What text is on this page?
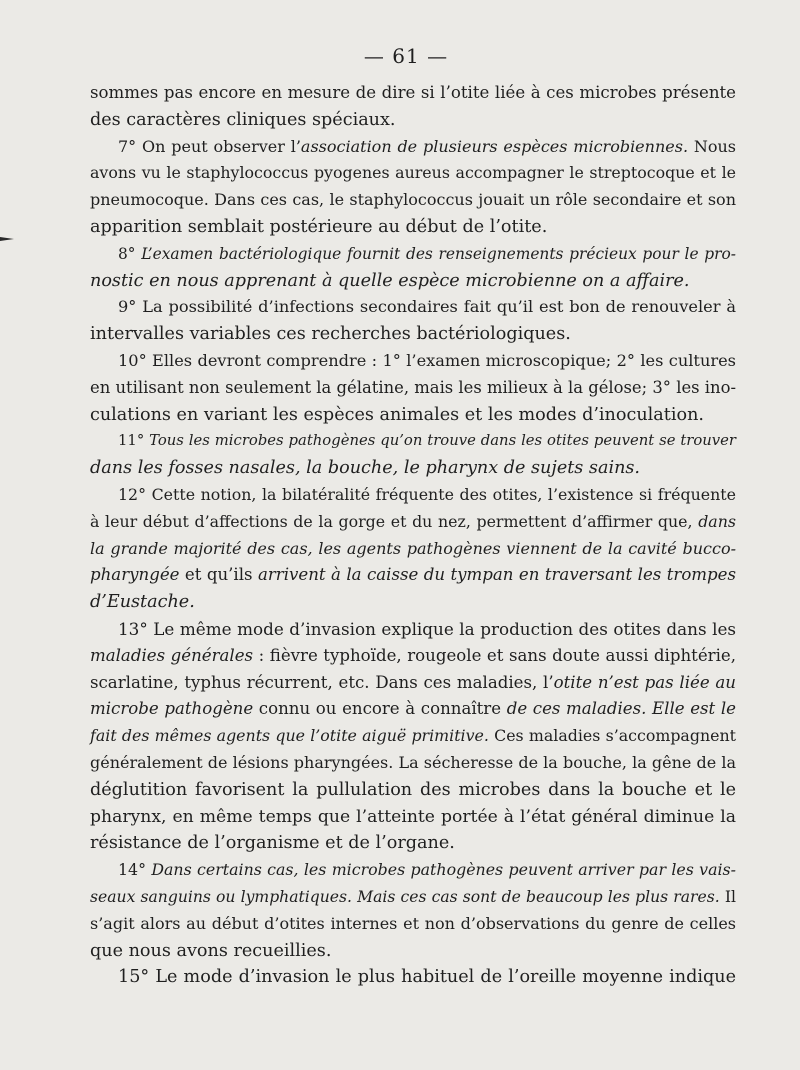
— 61 —
sommes pas encore en mesure de dire si l’otite liée à ces microbes présente
des caractères cliniques spéciaux.
7° On peut observer l’association de plusieurs espèces microbiennes. Nous
avons vu le staphylococcus pyogenes aureus accompagner le streptocoque et le
pneumocoque. Dans ces cas, le staphylococcus jouait un rôle secondaire et son
apparition semblait postérieure au début de l’otite.
8° L’examen bactériologique fournit des renseignements précieux pour le pro-
nostic en nous apprenant à quelle espèce microbienne on a affaire.
9° La possibilité d’infections secondaires fait qu’il est bon de renouveler à
intervalles variables ces recherches bactériologiques.
10° Elles devront comprendre : 1° l’examen microscopique; 2° les cultures
en utilisant non seulement la gélatine, mais les milieux à la gélose; 3° les ino-
culations en variant les espèces animales et les modes d’inoculation.
11° Tous les microbes pathogènes qu’on trouve dans les otites peuvent se trouver
dans les fosses nasales, la bouche, le pharynx de sujets sains.
12° Cette notion, la bilatéralité fréquente des otites, l’existence si fréquente
à leur début d’affections de la gorge et du nez, permettent d’affirmer que, dans
la grande majorité des cas, les agents pathogènes viennent de la cavité bucco-
pharyngée et qu’ils arrivent à la caisse du tympan en traversant les trompes
d’Eustache.
13° Le même mode d’invasion explique la production des otites dans les
maladies générales : fièvre typhoïde, rougeole et sans doute aussi diphtérie,
scarlatine, typhus récurrent, etc. Dans ces maladies, l’otite n’est pas liée au
microbe pathogène connu ou encore à connaître de ces maladies. Elle est le
fait des mêmes agents que l’otite aiguë primitive. Ces maladies s’accompagnent
généralement de lésions pharyngées. La sécheresse de la bouche, la gêne de la
déglutition favorisent la pullulation des microbes dans la bouche et le
pharynx, en même temps que l’atteinte portée à l’état général diminue la
résistance de l’organisme et de l’organe.
14° Dans certains cas, les microbes pathogènes peuvent arriver par les vais-
seaux sanguins ou lymphatiques. Mais ces cas sont de beaucoup les plus rares. Il
s’agit alors au début d’otites internes et non d’observations du genre de celles
que nous avons recueillies.
15° Le mode d’invasion le plus habituel de l’oreille moyenne indique
